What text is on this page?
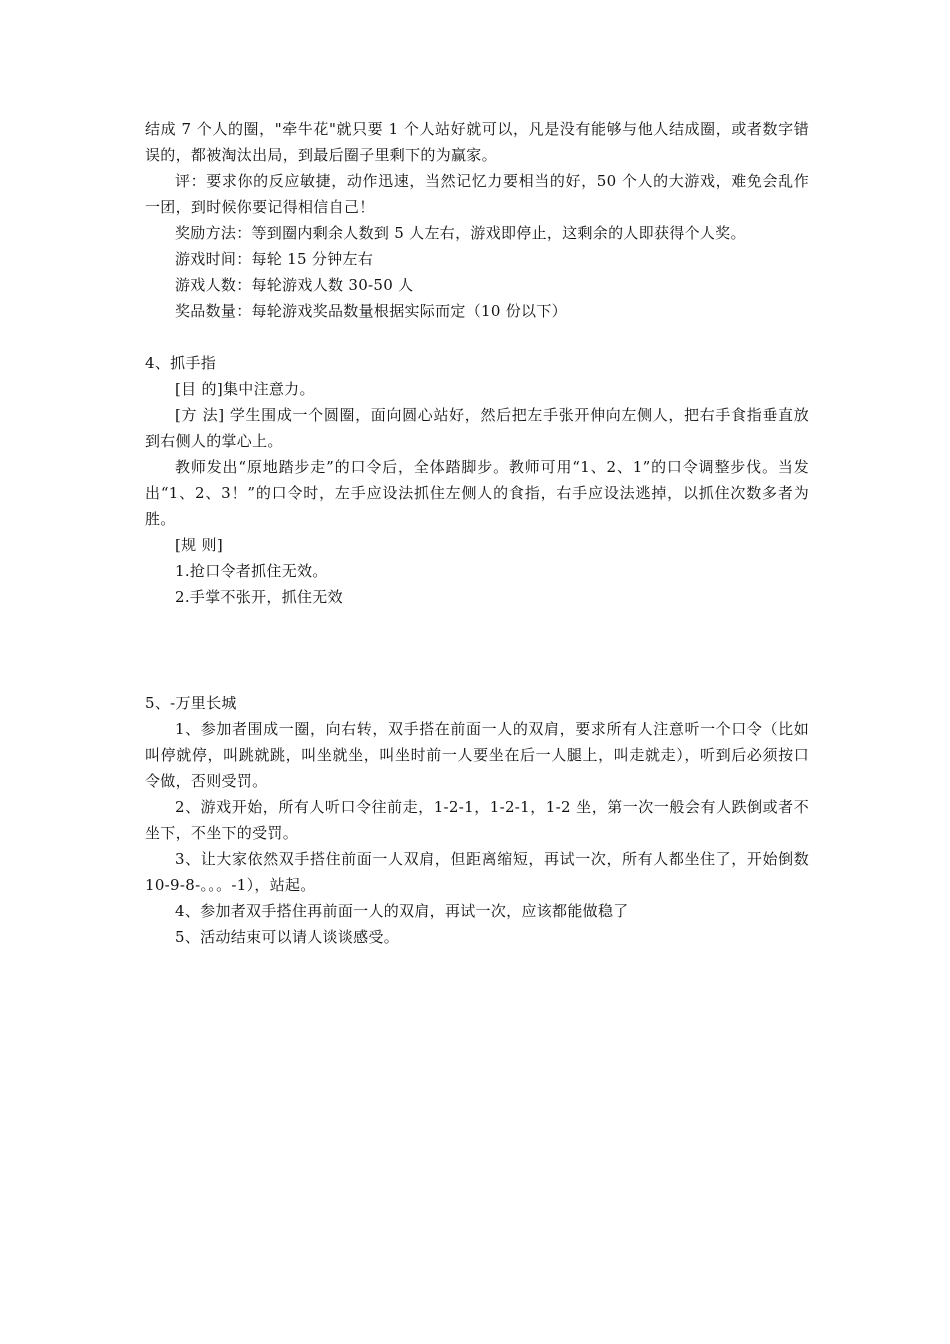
结成 7 个人的圈，"牵牛花"就只要 1 个人站好就可以，凡是没有能够与他人结成圈，或者数字错误的，都被淘汰出局，到最后圈子里剩下的为赢家。

评：要求你的反应敏捷，动作迅速，当然记忆力要相当的好，50 个人的大游戏，难免会乱作一团，到时候你要记得相信自己！

奖励方法：等到圈内剩余人数到 5 人左右，游戏即停止，这剩余的人即获得个人奖。

游戏时间：每轮 15 分钟左右

游戏人数：每轮游戏人数 30-50 人

奖品数量：每轮游戏奖品数量根据实际而定（10 份以下）

4、抓手指

[目 的]集中注意力。

[方 法] 学生围成一个圆圈，面向圆心站好，然后把左手张开伸向左侧人，把右手食指垂直放到右侧人的掌心上。

教师发出“原地踏步走”的口令后，全体踏脚步。教师可用“1、2、1”的口令调整步伐。当发出“1、2、3！”的口令时，左手应设法抓住左侧人的食指，右手应设法逃掉，以抓住次数多者为胜。

[规 则]

1.抢口令者抓住无效。

2.手掌不张开，抓住无效

5、-万里长城

1、参加者围成一圈，向右转，双手搭在前面一人的双肩，要求所有人注意听一个口令（比如叫停就停，叫跳就跳，叫坐就坐，叫坐时前一人要坐在后一人腿上，叫走就走），听到后必须按口令做，否则受罚。

2、游戏开始，所有人听口令往前走，1-2-1，1-2-1，1-2 坐，第一次一般会有人跌倒或者不坐下，不坐下的受罚。

3、让大家依然双手搭住前面一人双肩，但距离缩短，再试一次，所有人都坐住了，开始倒数 10-9-8-。。。-1），站起。

4、参加者双手搭住再前面一人的双肩，再试一次，应该都能做稳了

5、活动结束可以请人谈谈感受。
